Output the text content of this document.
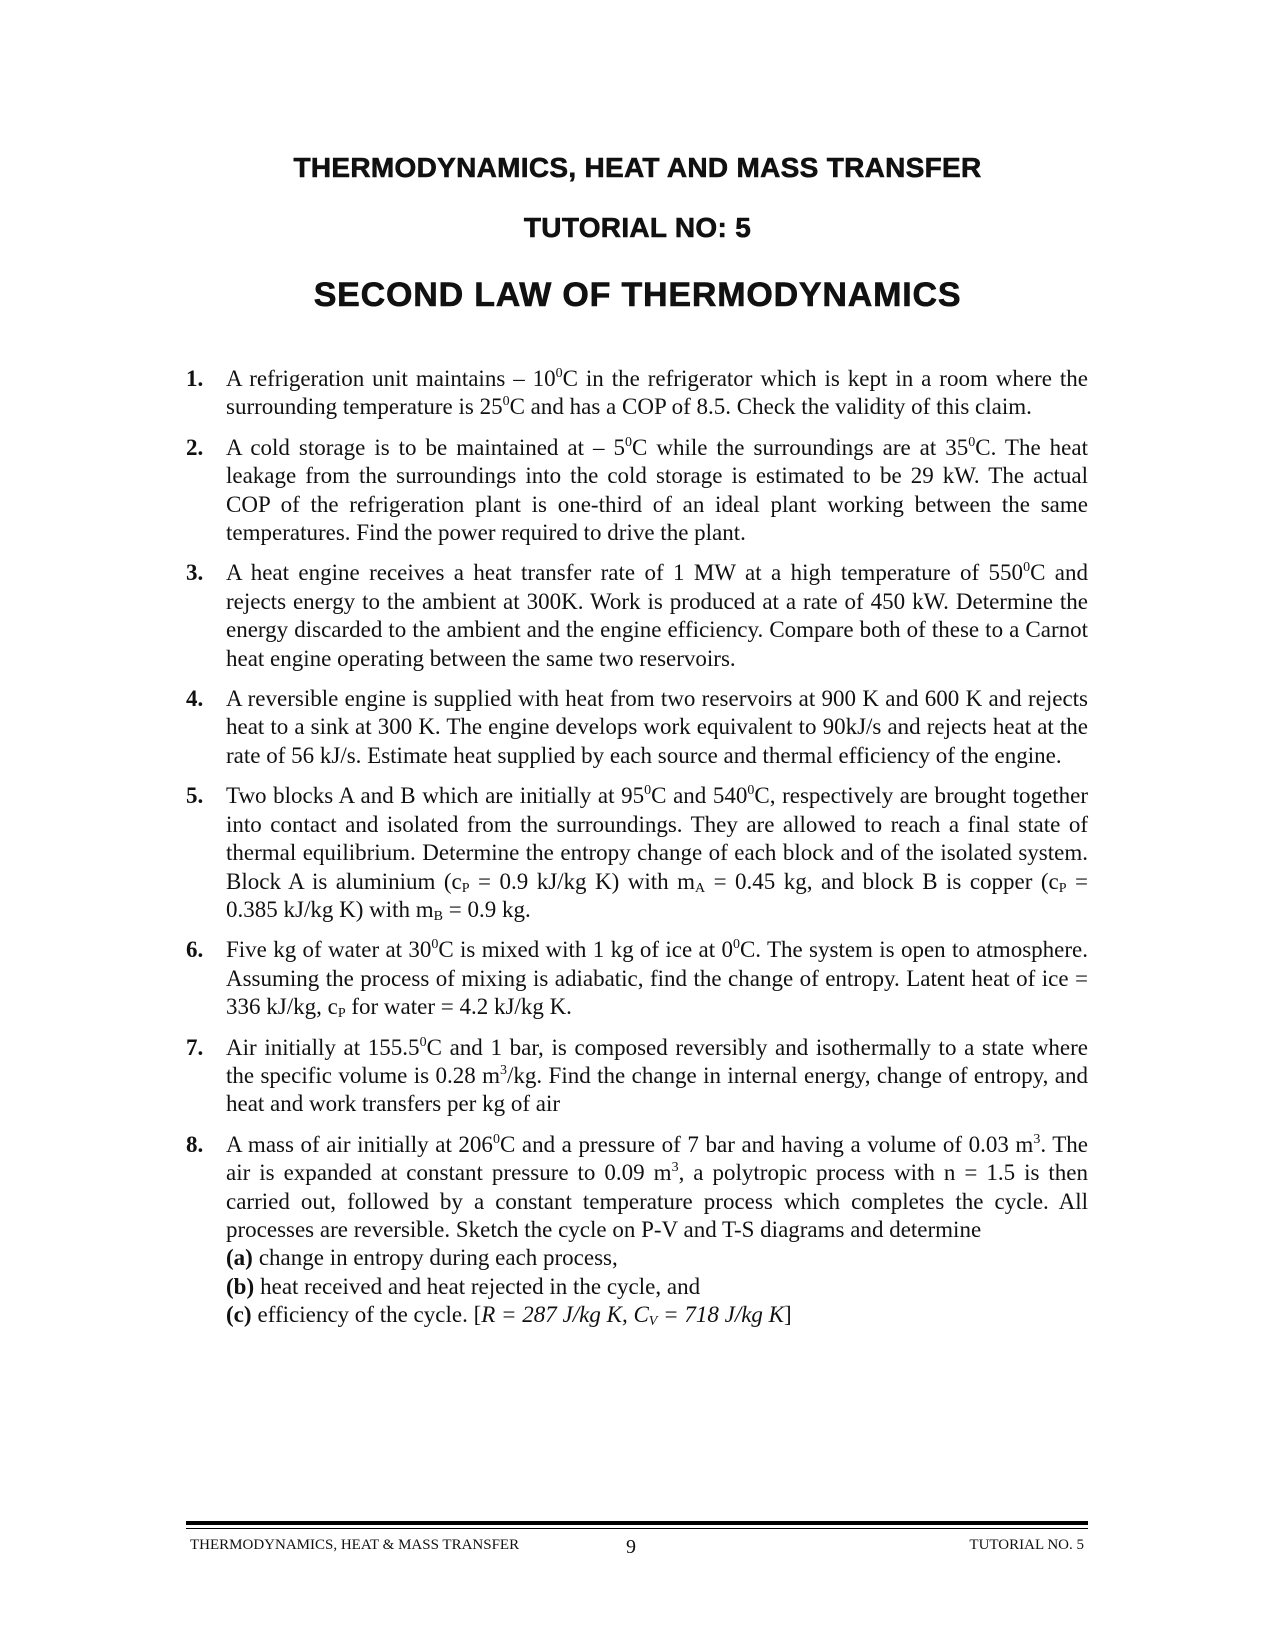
THERMODYNAMICS, HEAT AND MASS TRANSFER
TUTORIAL NO: 5
SECOND LAW OF THERMODYNAMICS
1. A refrigeration unit maintains – $10^0C$ in the refrigerator which is kept in a room where the surrounding temperature is $25^0C$ and has a COP of 8.5. Check the validity of this claim.
2. A cold storage is to be maintained at – $5^0C$ while the surroundings are at $35^0C$. The heat leakage from the surroundings into the cold storage is estimated to be 29 kW. The actual COP of the refrigeration plant is one-third of an ideal plant working between the same temperatures. Find the power required to drive the plant.
3. A heat engine receives a heat transfer rate of 1 MW at a high temperature of $550^0C$ and rejects energy to the ambient at 300K. Work is produced at a rate of 450 kW. Determine the energy discarded to the ambient and the engine efficiency. Compare both of these to a Carnot heat engine operating between the same two reservoirs.
4. A reversible engine is supplied with heat from two reservoirs at 900 K and 600 K and rejects heat to a sink at 300 K. The engine develops work equivalent to 90kJ/s and rejects heat at the rate of 56 kJ/s. Estimate heat supplied by each source and thermal efficiency of the engine.
5. Two blocks A and B which are initially at $95^0C$ and $540^0C$, respectively are brought together into contact and isolated from the surroundings. They are allowed to reach a final state of thermal equilibrium. Determine the entropy change of each block and of the isolated system. Block A is aluminium ($c_P = 0.9$ kJ/kg K) with $m_A = 0.45$ kg, and block B is copper ($c_P = 0.385$ kJ/kg K) with $m_B = 0.9$ kg.
6. Five kg of water at $30^0C$ is mixed with 1 kg of ice at $0^0C$. The system is open to atmosphere. Assuming the process of mixing is adiabatic, find the change of entropy. Latent heat of ice = 336 kJ/kg, $c_P$ for water = 4.2 kJ/kg K.
7. Air initially at 155.5$^0$C and 1 bar, is composed reversibly and isothermally to a state where the specific volume is 0.28 $m^3/kg$. Find the change in internal energy, change of entropy, and heat and work transfers per kg of air
8. A mass of air initially at $206^0C$ and a pressure of 7 bar and having a volume of 0.03 $m^3$. The air is expanded at constant pressure to 0.09 $m^3$, a polytropic process with n = 1.5 is then carried out, followed by a constant temperature process which completes the cycle. All processes are reversible. Sketch the cycle on P-V and T-S diagrams and determine
(a) change in entropy during each process,
(b) heat received and heat rejected in the cycle, and
(c) efficiency of the cycle. [R = 287 J/kg K, $C_V = 718$ J/kg K]
THERMODYNAMICS, HEAT & MASS TRANSFER	9	TUTORIAL NO. 5
